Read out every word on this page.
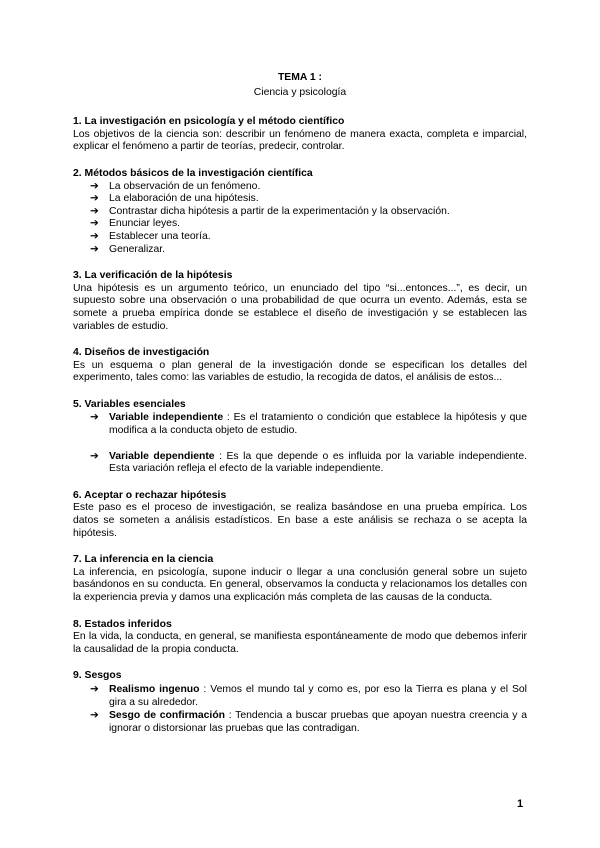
TEMA 1 :

Ciencia y psicología

1. La investigación en psicología y el método científico

Los objetivos de la ciencia son: describir un fenómeno de manera exacta, completa e imparcial, explicar el fenómeno a partir de teorías, predecir, controlar.

2. Métodos básicos de la investigación científica

➔ La observación de un fenómeno.
➔ La elaboración de una hipótesis.
➔ Contrastar dicha hipótesis a partir de la experimentación y la observación.
➔ Enunciar leyes.
➔ Establecer una teoría.
➔ Generalizar.

3. La verificación de la hipótesis

Una hipótesis es un argumento teórico, un enunciado del tipo “si...entonces...”, es decir, un supuesto sobre una observación o una probabilidad de que ocurra un evento. Además, esta se somete a prueba empírica donde se establece el diseño de investigación y se establecen las variables de estudio.

4. Diseños de investigación

Es un esquema o plan general de la investigación donde se especifican los detalles del experimento, tales como: las variables de estudio, la recogida de datos, el análisis de estos...

5. Variables esenciales

➔ Variable independiente : Es el tratamiento o condición que establece la hipótesis y que modifica a la conducta objeto de estudio.
➔ Variable dependiente : Es la que depende o es influida por la variable independiente. Esta variación refleja el efecto de la variable independiente.

6. Aceptar o rechazar hipótesis

Este paso es el proceso de investigación, se realiza basándose en una prueba empírica. Los datos se someten a análisis estadísticos. En base a este análisis se rechaza o se acepta la hipótesis.

7. La inferencia en la ciencia

La inferencia, en psicología, supone inducir o llegar a una conclusión general sobre un sujeto basándonos en su conducta. En general, observamos la conducta y relacionamos los detalles con la experiencia previa y damos una explicación más completa de las causas de la conducta.

8. Estados inferidos

En la vida, la conducta, en general, se manifiesta espontáneamente de modo que debemos inferir la causalidad de la propia conducta.

9. Sesgos

➔ Realismo ingenuo : Vemos el mundo tal y como es, por eso la Tierra es plana y el Sol gira a su alrededor.
➔ Sesgo de confirmación : Tendencia a buscar pruebas que apoyan nuestra creencia y a ignorar o distorsionar las pruebas que las contradigan.
1
